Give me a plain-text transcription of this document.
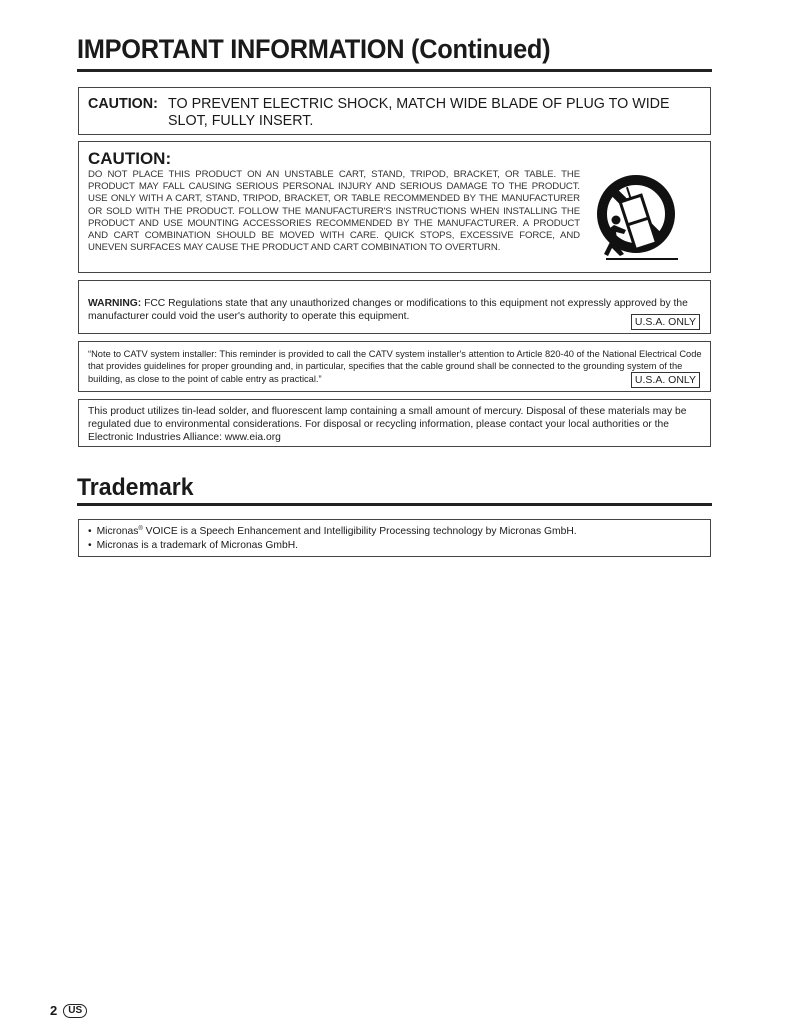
IMPORTANT INFORMATION (Continued)
CAUTION: TO PREVENT ELECTRIC SHOCK, MATCH WIDE BLADE OF PLUG TO WIDE SLOT, FULLY INSERT.
CAUTION:
DO NOT PLACE THIS PRODUCT ON AN UNSTABLE CART, STAND, TRIPOD, BRACKET, OR TABLE. THE PRODUCT MAY FALL CAUSING SERIOUS PERSONAL INJURY AND SERIOUS DAMAGE TO THE PRODUCT. USE ONLY WITH A CART, STAND, TRIPOD, BRACKET, OR TABLE RECOMMENDED BY THE MANUFACTURER OR SOLD WITH THE PRODUCT. FOLLOW THE MANUFACTURER'S INSTRUCTIONS WHEN INSTALLING THE PRODUCT AND USE MOUNTING ACCESSORIES RECOMMENDED BY THE MANUFACTURER. A PRODUCT AND CART COMBINATION SHOULD BE MOVED WITH CARE. QUICK STOPS, EXCESSIVE FORCE, AND UNEVEN SURFACES MAY CAUSE THE PRODUCT AND CART COMBINATION TO OVERTURN.
WARNING: FCC Regulations state that any unauthorized changes or modifications to this equipment not expressly approved by the manufacturer could void the user's authority to operate this equipment.	U.S.A. ONLY
“Note to CATV system installer: This reminder is provided to call the CATV system installer's attention to Article 820-40 of the National Electrical Code that provides guidelines for proper grounding and, in particular, specifies that the cable ground shall be connected to the grounding system of the building, as close to the point of cable entry as practical.”	U.S.A. ONLY
This product utilizes tin-lead solder, and fluorescent lamp containing a small amount of mercury. Disposal of these materials may be regulated due to environmental considerations. For disposal or recycling information, please contact your local authorities or the Electronic Industries Alliance: www.eia.org
Trademark
• Micronas® VOICE is a Speech Enhancement and Intelligibility Processing technology by Micronas GmbH.
• Micronas is a trademark of Micronas GmbH.
2	US
